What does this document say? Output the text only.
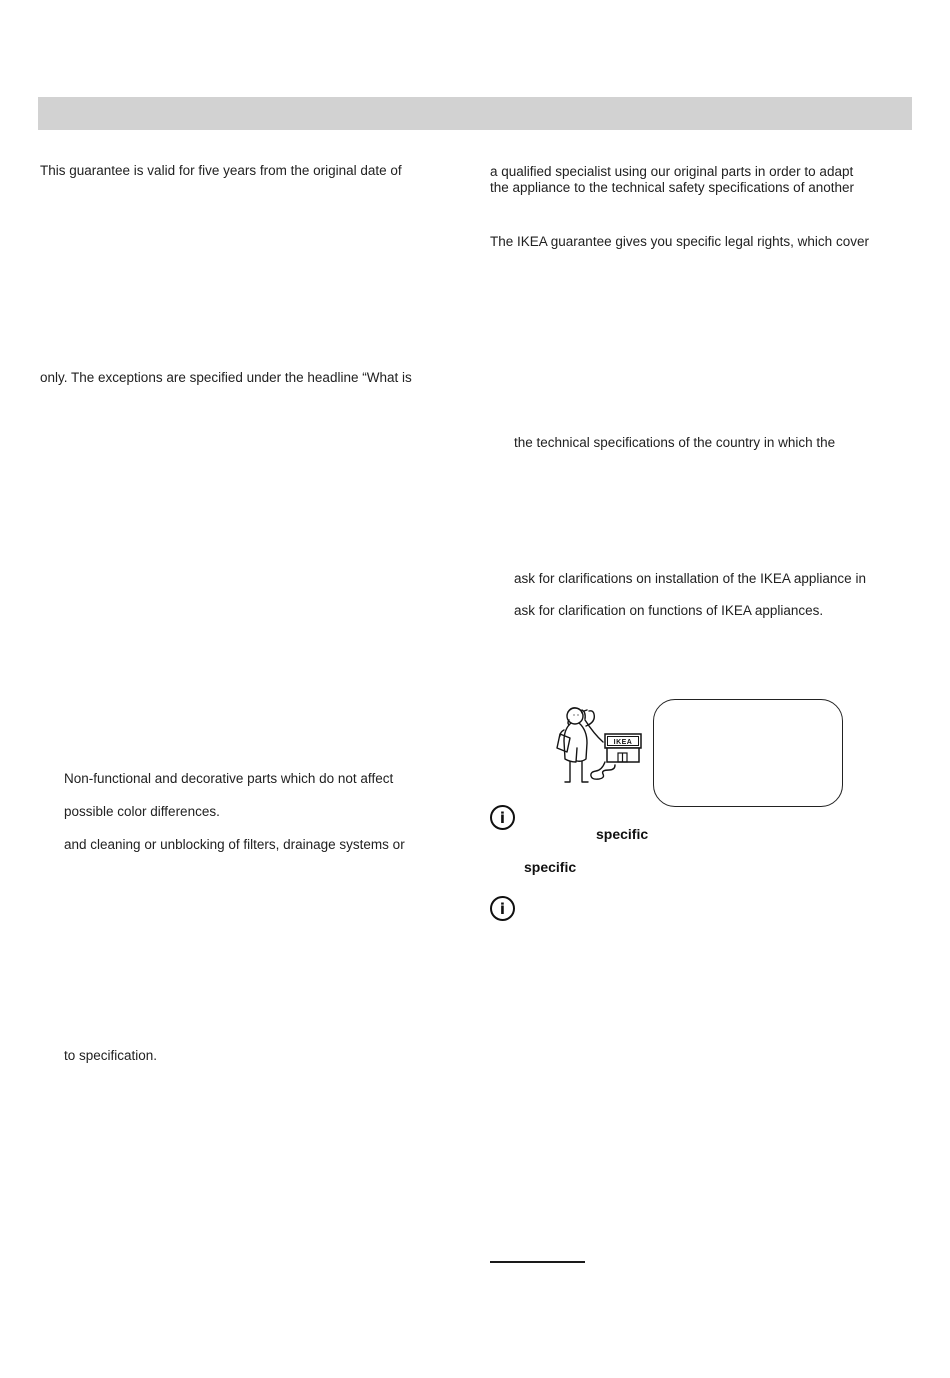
This guarantee is valid for five years from the original date of
only. The exceptions are specified under the headline “What is
Non-functional and decorative parts which do not affect
possible color differences.
and cleaning or unblocking of filters, drainage systems or
to specification.
a qualified specialist using our original parts in order to adapt
the appliance to the technical safety specifications of another
The IKEA guarantee gives you specific legal rights, which cover
the technical specifications of the country in which the
ask for clarifications on installation of the IKEA appliance in
ask for clarification on functions of IKEA appliances.
IKEA
i
specific
specific
i
